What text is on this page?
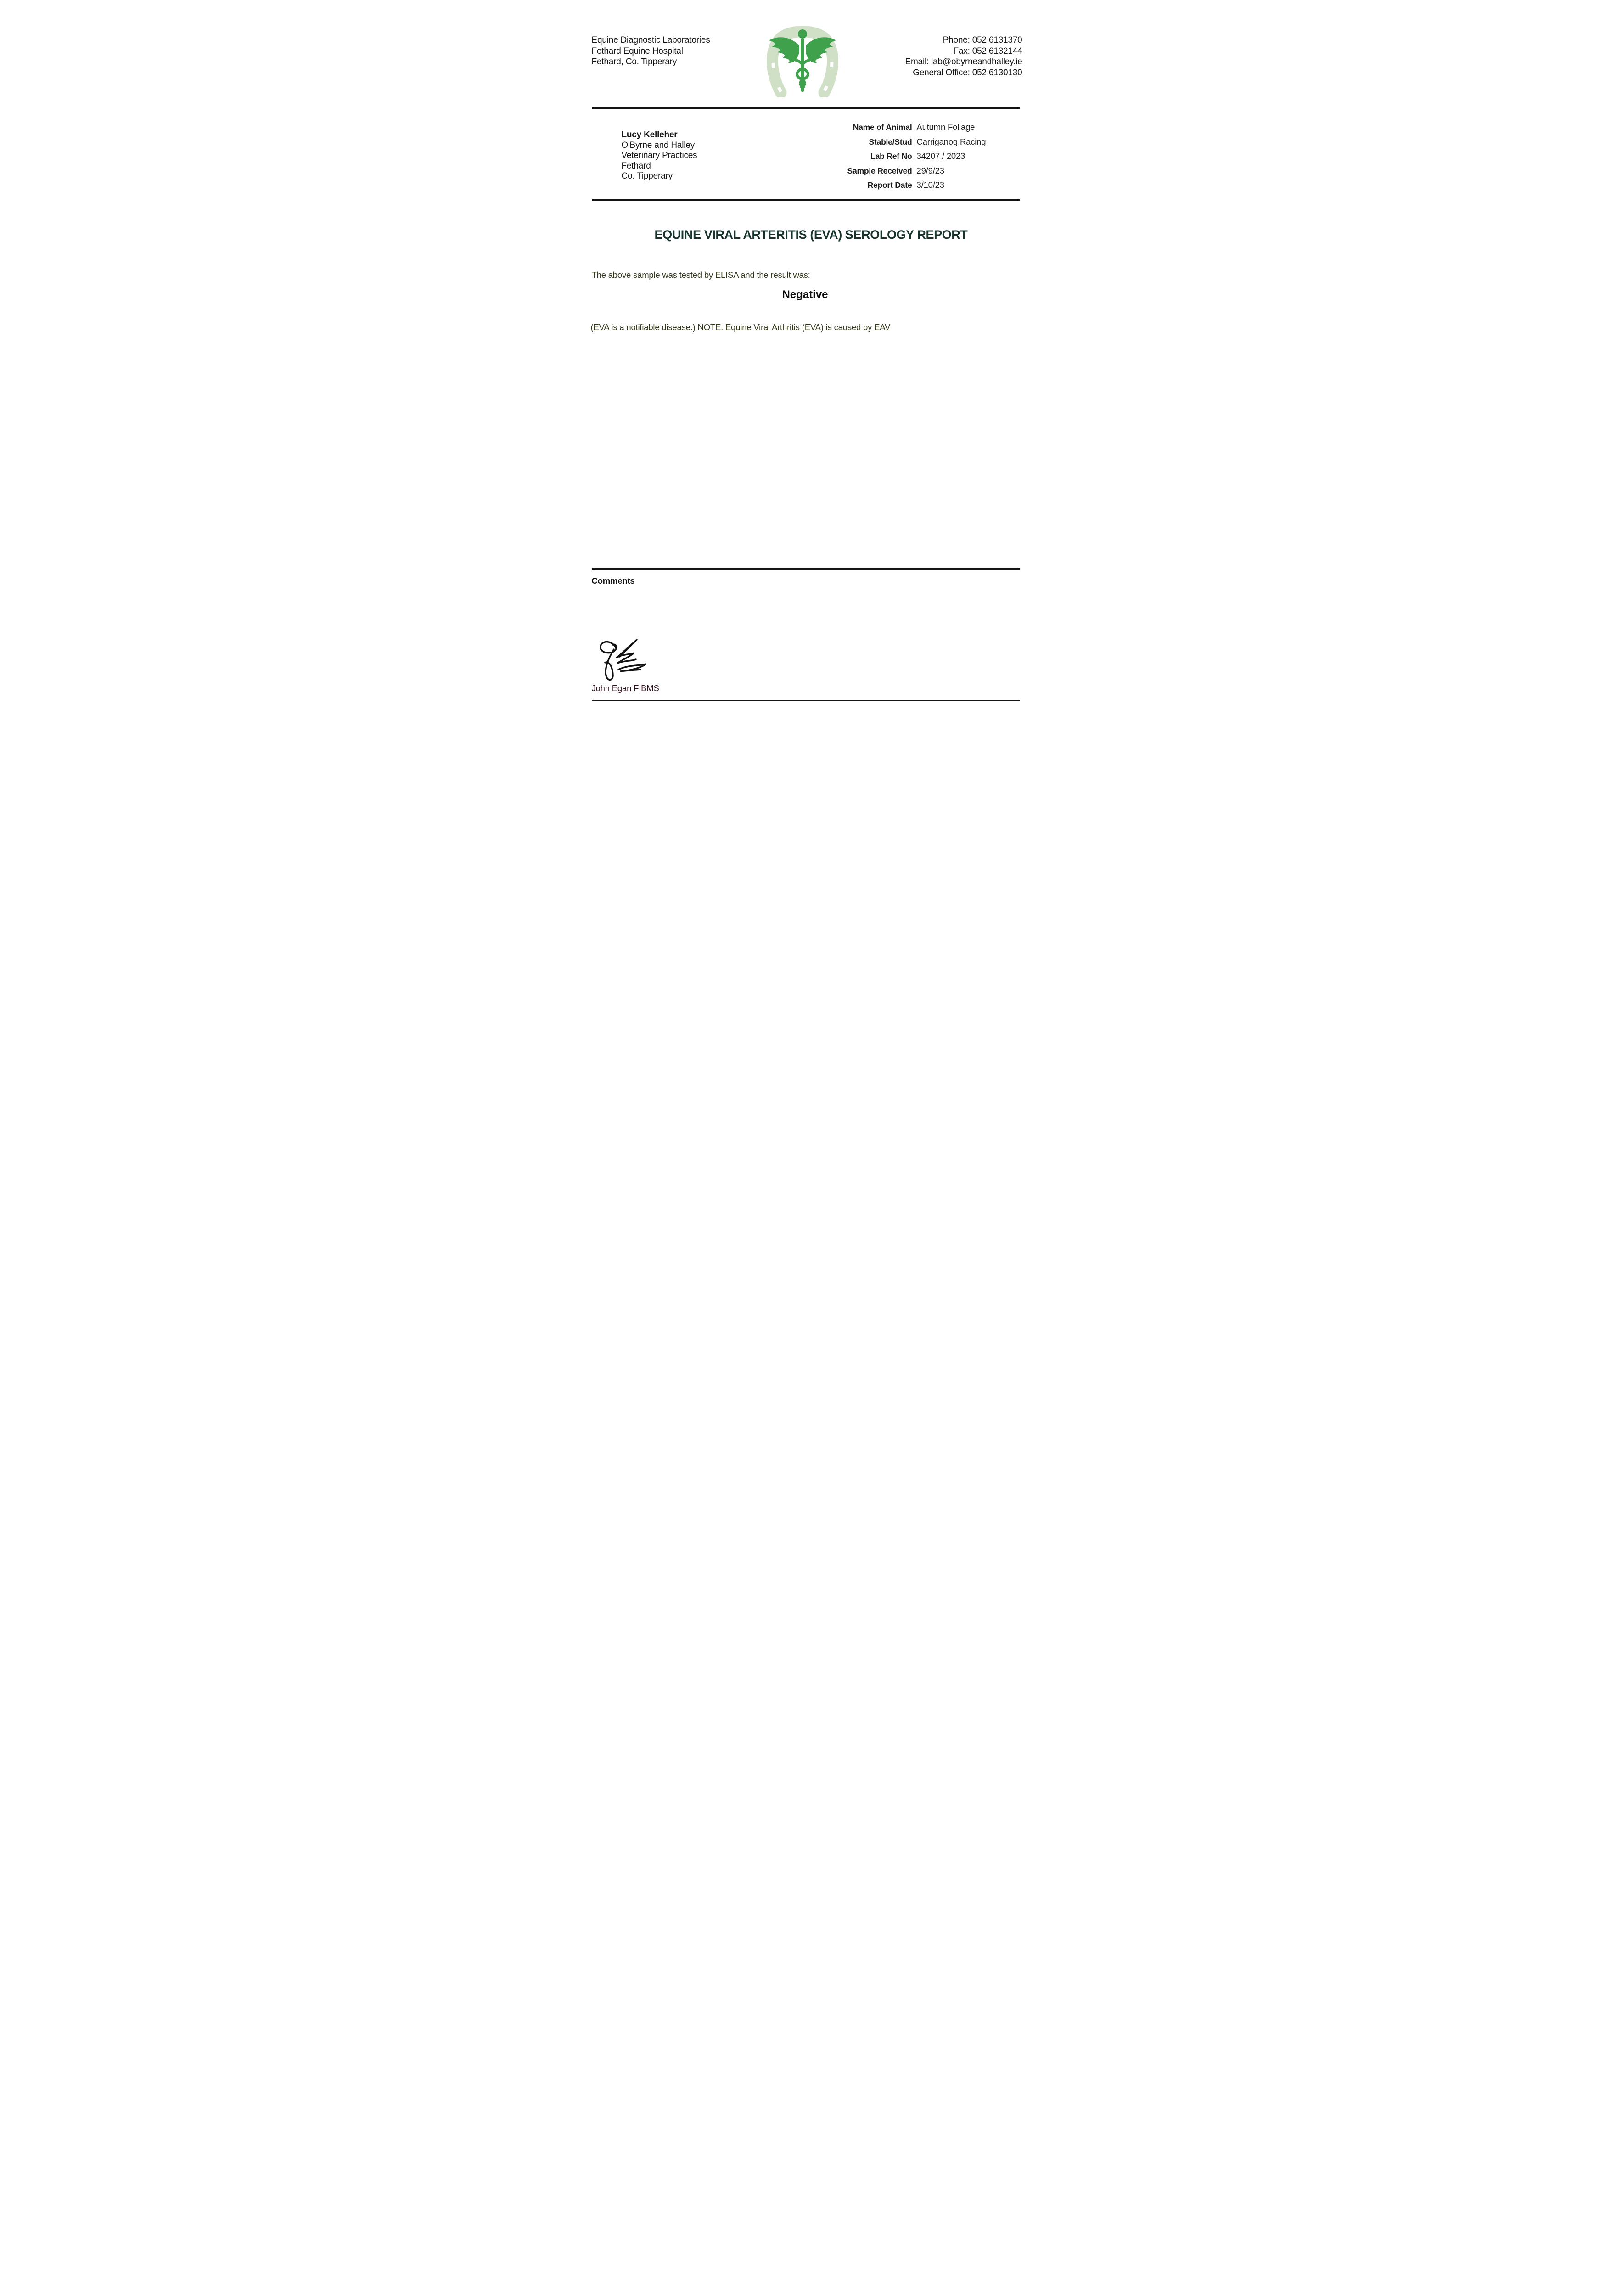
Equine Diagnostic Laboratories
Fethard Equine Hospital
Fethard, Co. Tipperary
Phone: 052 6131370
Fax: 052 6132144
Email: lab@obyrneandhalley.ie
General Office: 052 6130130
Lucy Kelleher
O'Byrne and Halley
Veterinary Practices
Fethard
Co. Tipperary
Name of Animal Autumn Foliage
Stable/Stud Carriganog Racing
Lab Ref No 34207 / 2023
Sample Received 29/9/23
Report Date 3/10/23
EQUINE VIRAL ARTERITIS (EVA) SEROLOGY REPORT
The above sample was tested by ELISA and the result was:
Negative
(EVA is a notifiable disease.) NOTE: Equine Viral Arthritis (EVA) is caused by EAV
Comments
John Egan FIBMS
